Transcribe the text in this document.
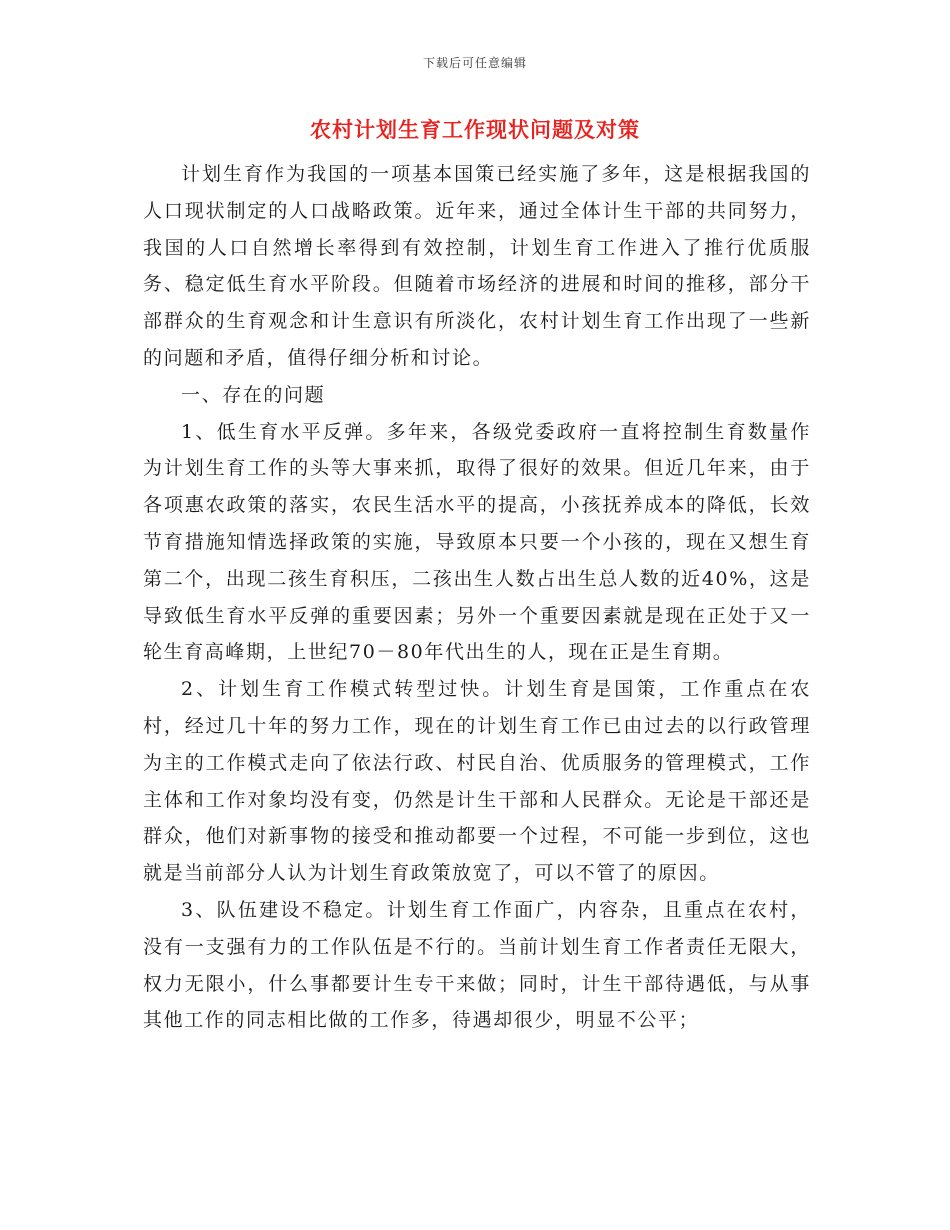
下载后可任意编辑
农村计划生育工作现状问题及对策

计划生育作为我国的一项基本国策已经实施了多年，这是根据我国的人口现状制定的人口战略政策。近年来，通过全体计生干部的共同努力，我国的人口自然增长率得到有效控制，计划生育工作进入了推行优质服务、稳定低生育水平阶段。但随着市场经济的进展和时间的推移，部分干部群众的生育观念和计生意识有所淡化，农村计划生育工作出现了一些新的问题和矛盾，值得仔细分析和讨论。

一、存在的问题

1、低生育水平反弹。多年来，各级党委政府一直将控制生育数量作为计划生育工作的头等大事来抓，取得了很好的效果。但近几年来，由于各项惠农政策的落实，农民生活水平的提高，小孩抚养成本的降低，长效节育措施知情选择政策的实施，导致原本只要一个小孩的，现在又想生育第二个，出现二孩生育积压，二孩出生人数占出生总人数的近40%，这是导致低生育水平反弹的重要因素；另外一个重要因素就是现在正处于又一轮生育高峰期，上世纪70－80年代出生的人，现在正是生育期。

2、计划生育工作模式转型过快。计划生育是国策，工作重点在农村，经过几十年的努力工作，现在的计划生育工作已由过去的以行政管理为主的工作模式走向了依法行政、村民自治、优质服务的管理模式，工作主体和工作对象均没有变，仍然是计生干部和人民群众。无论是干部还是群众，他们对新事物的接受和推动都要一个过程，不可能一步到位，这也就是当前部分人认为计划生育政策放宽了，可以不管了的原因。

3、队伍建设不稳定。计划生育工作面广，内容杂，且重点在农村，没有一支强有力的工作队伍是不行的。当前计划生育工作者责任无限大，权力无限小，什么事都要计生专干来做；同时，计生干部待遇低，与从事其他工作的同志相比做的工作多，待遇却很少，明显不公平；
